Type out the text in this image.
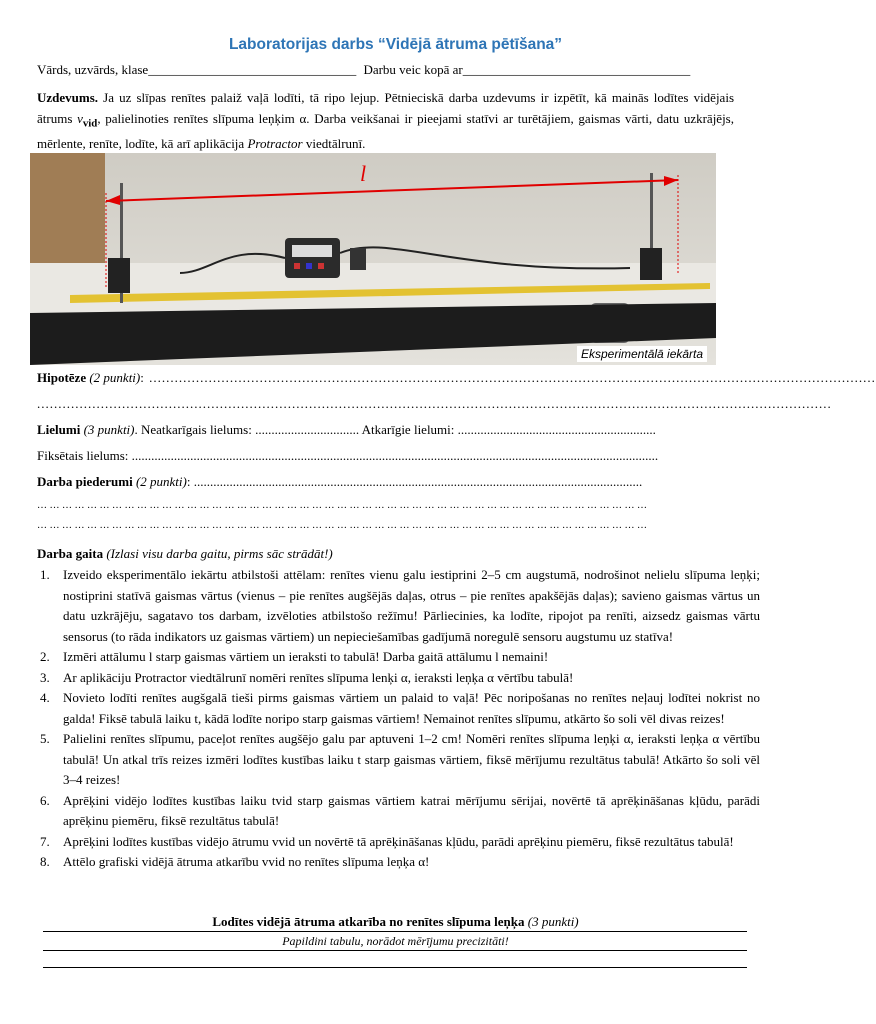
Laboratorijas darbs “Vidējā ātruma pētīšana”
Vārds, uzvārds, klase________________________________ Darbu veic kopā ar___________________________________
Uzdevums. Ja uz slīpas renītes palaiž vaļā lodīti, tā ripo lejup. Pētnieciskā darba uzdevums ir izpētīt, kā mainās lodītes vidējais ātrums $v_{vid}$, palielinoties renītes slīpuma leņķim α. Darba veikšanai ir pieejami statīvi ar turētājiem, gaismas vārti, datu uzkrājējs, mērlente, renīte, lodīte, kā arī aplikācija Protractor viedtālrunī.
l
Eksperimentālā iekārta
Hipotēze (2 punkti): ...........................................................................................................................................................................
...........................................................................................................................................................................................
Lielumi (3 punkti). Neatkarīgais lielums: ................................ Atkarīgie lielumi: .............................................................
Fiksētais lielums: ..................................................................................................................................................................
Darba piederumi (2 punkti): ..........................................................................................................................................
… … … … … … … … … … … … … … … … … … … … … … … … … … … … … … … … … … … … … … … … … … … … … … … … …
… … … … … … … … … … … … … … … … … … … … … … … … … … … … … … … … … … … … … … … … … … … … … … … … …
Darba gaita (Izlasi visu darba gaitu, pirms sāc strādāt!)
1. Izveido eksperimentālo iekārtu atbilstoši attēlam: renītes vienu galu iestiprini 2–5 cm augstumā, nodrošinot nelielu slīpuma leņķi; nostiprini statīvā gaismas vārtus (vienus – pie renītes augšējās daļas, otrus – pie renītes apakšējās daļas); savieno gaismas vārtus un datu uzkrājēju, sagatavo tos darbam, izvēloties atbilstošo režīmu! Pārliecinies, ka lodīte, ripojot pa renīti, aizsedz gaismas vārtu sensorus (to rāda indikators uz gaismas vārtiem) un nepieciešamības gadījumā noregulē sensoru augstumu uz statīva!
2. Izmēri attālumu l starp gaismas vārtiem un ieraksti to tabulā! Darba gaitā attālumu l nemaini!
3. Ar aplikāciju Protractor viedtālrunī nomēri renītes slīpuma lenķi α, ieraksti leņķa α vērtību tabulā!
4. Novieto lodīti renītes augšgalā tieši pirms gaismas vārtiem un palaid to vaļā! Pēc noripošanas no renītes neļauj lodītei nokrist no galda! Fiksē tabulā laiku t, kādā lodīte noripo starp gaismas vārtiem! Nemainot renītes slīpumu, atkārto šo soli vēl divas reizes!
5. Palielini renītes slīpumu, paceļot renītes augšējo galu par aptuveni 1–2 cm! Nomēri renītes slīpuma leņķi α, ieraksti leņķa α vērtību tabulā! Un atkal trīs reizes izmēri lodītes kustības laiku t starp gaismas vārtiem, fiksē mērījumu rezultātus tabulā! Atkārto šo soli vēl 3–4 reizes!
6. Aprēķini vidējo lodītes kustības laiku tvid starp gaismas vārtiem katrai mērījumu sērijai, novērtē tā aprēķināšanas kļūdu, parādi aprēķinu piemēru, fiksē rezultātus tabulā!
7. Aprēķini lodītes kustības vidējo ātrumu vvid un novērtē tā aprēķināšanas kļūdu, parādi aprēķinu piemēru, fiksē rezultātus tabulā!
8. Attēlo grafiski vidējā ātruma atkarību vvid no renītes slīpuma leņķa α!
Lodītes vidējā ātruma atkarība no renītes slīpuma leņķa (3 punkti)
Papildini tabulu, norādot mērījumu precizitāti!
